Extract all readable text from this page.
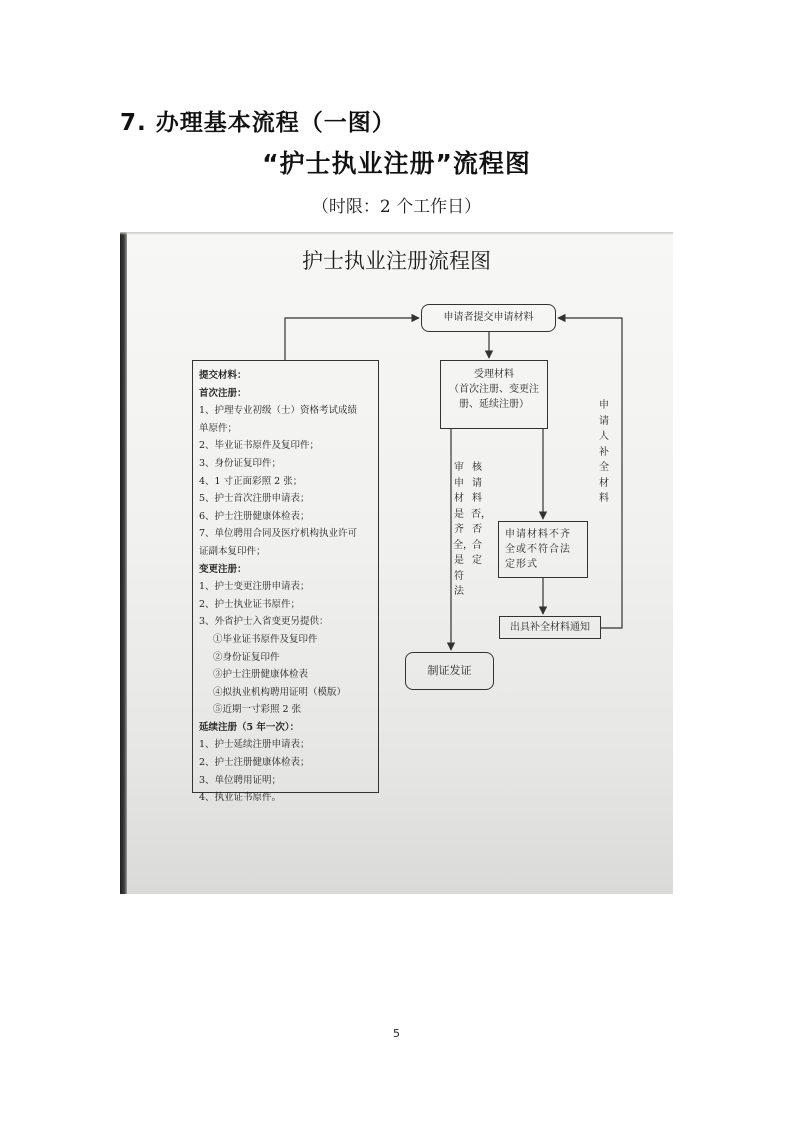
7. 办理基本流程（一图）
“护士执业注册”流程图
（时限：2 个工作日）
护士执业注册流程图
申请者提交申请材料
受理材料
（首次注册、变更注
册、延续注册）
审申材是齐全，是符法
核请料否，否合定
申请材料不齐
全或不符合法
定形式
出具补全材料通知
制证发证
申请人补全材料
提交材料：
首次注册：
1、护理专业初级（士）资格考试成绩
单原件；
2、毕业证书原件及复印件；
3、身份证复印件；
4、1 寸正面彩照 2 张；
5、护士首次注册申请表；
6、护士注册健康体检表；
7、单位聘用合同及医疗机构执业许可
证副本复印件；
变更注册：
1、护士变更注册申请表；
2、护士执业证书原件；
3、外省护士入省变更另提供：
①毕业证书原件及复印件
②身份证复印件
③护士注册健康体检表
④拟执业机构聘用证明（模版）
⑤近期一寸彩照 2 张
延续注册（5 年一次）：
1、护士延续注册申请表；
2、护士注册健康体检表；
3、单位聘用证明；
4、执业证书原件。
5
